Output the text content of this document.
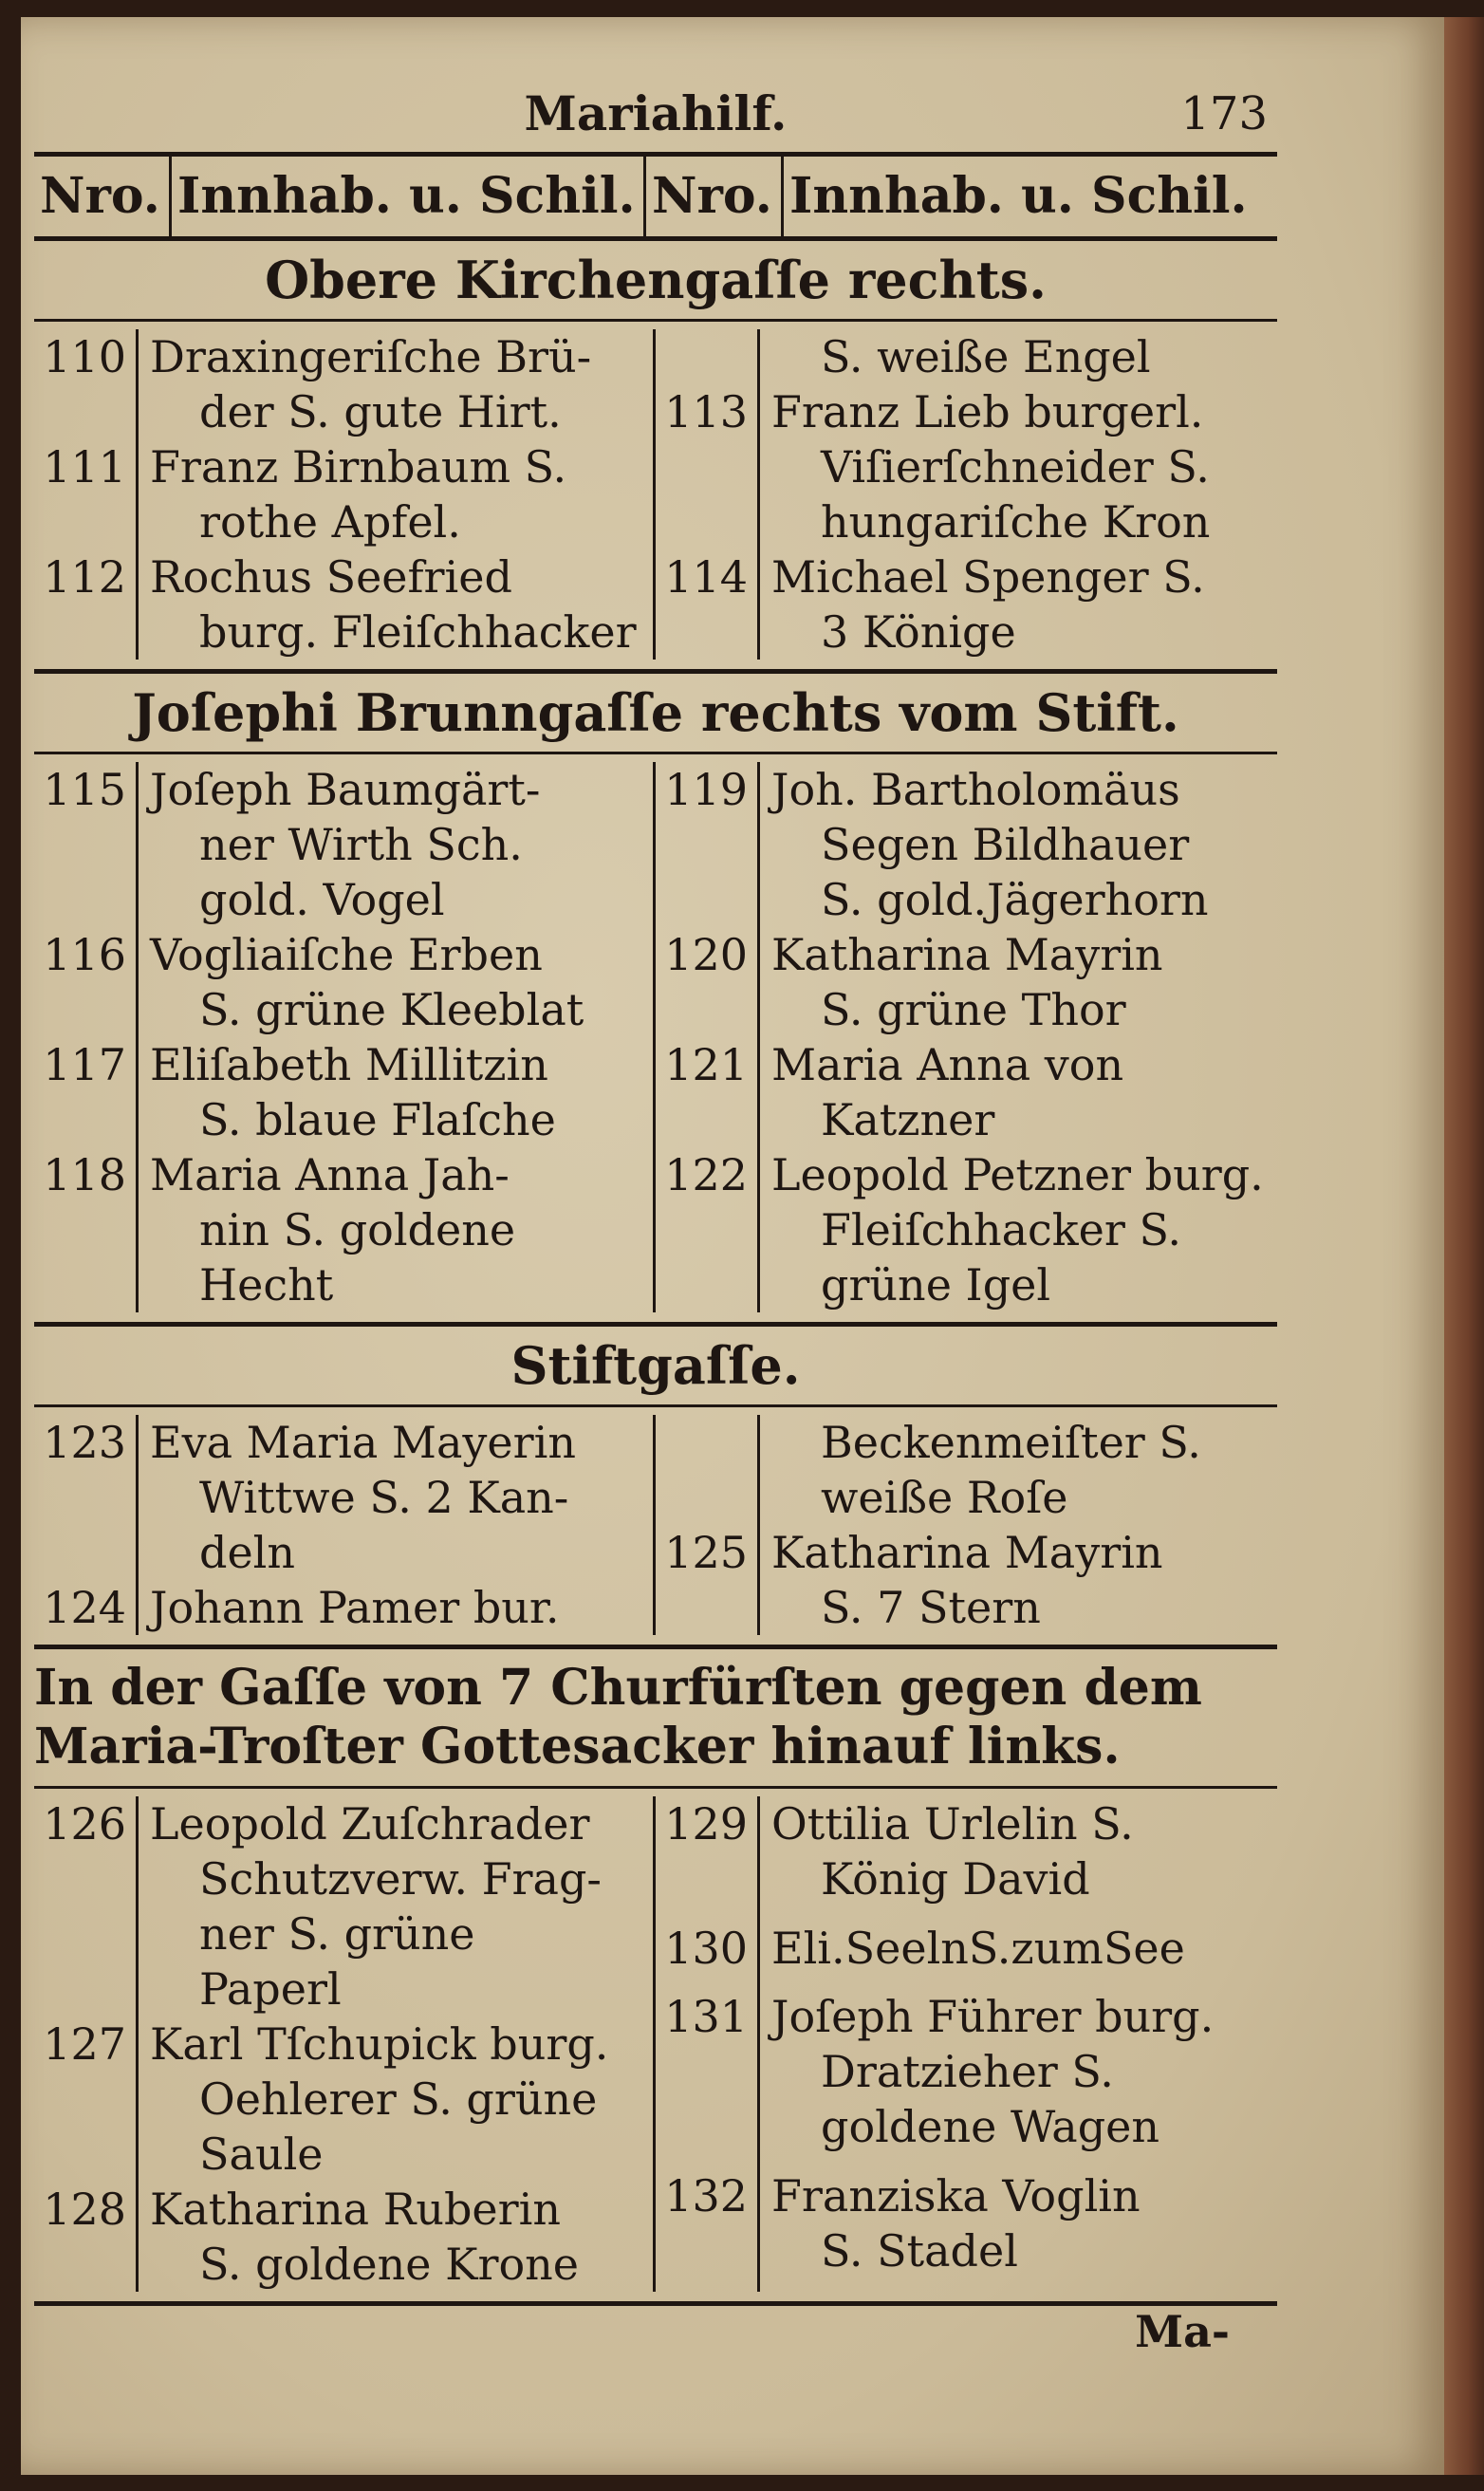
Mariahilf.	173
Nro. Innhab. u. Schil. Nro. Innhab. u. Schil.
Obere Kirchengaſſe rechts.
110 Draxingeriſche Brü-
der S. gute Hirt.
111 Franz Birnbaum S.
rothe Apfel.
112 Rochus Seefried
burg. Fleiſchhacker
S. weiße Engel
113 Franz Lieb burgerl.
Viſierſchneider S.
hungariſche Kron
114 Michael Spenger S.
3 Könige
Joſephi Brunngaſſe rechts vom Stift.
115 Joſeph Baumgärt-
ner Wirth Sch.
gold. Vogel
116 Vogliaiſche Erben
S. grüne Kleeblat
117 Eliſabeth Millitzin
S. blaue Flaſche
118 Maria Anna Jah-
nin S. goldene
Hecht
119 Joh. Bartholomäus
Segen Bildhauer
S. gold.Jägerhorn
120 Katharina Mayrin
S. grüne Thor
121 Maria Anna von
Katzner
122 Leopold Petzner burg.
Fleiſchhacker S.
grüne Igel
Stiftgaſſe.
123 Eva Maria Mayerin
Wittwe S. 2 Kan-
deln
124 Johann Pamer bur.

Beckenmeiſter S.
weiße Roſe
125 Katharina Mayrin
S. 7 Stern
In der Gaſſe von 7 Churfürſten gegen dem Maria-Troſter Gottesacker hinauf links.
126 Leopold Zuſchrader
Schutzverw. Frag-
ner S. grüne
Paperl
127 Karl Tſchupick burg.
Oehlerer S. grüne
Saule
128 Katharina Ruberin
S. goldene Krone
129 Ottilia Urlelin S.
König David
130 Eli.SeelnS.zumSee
131 Joſeph Führer burg.
Dratzieher S.
goldene Wagen
132 Franziska Voglin
S. Stadel
Ma-
